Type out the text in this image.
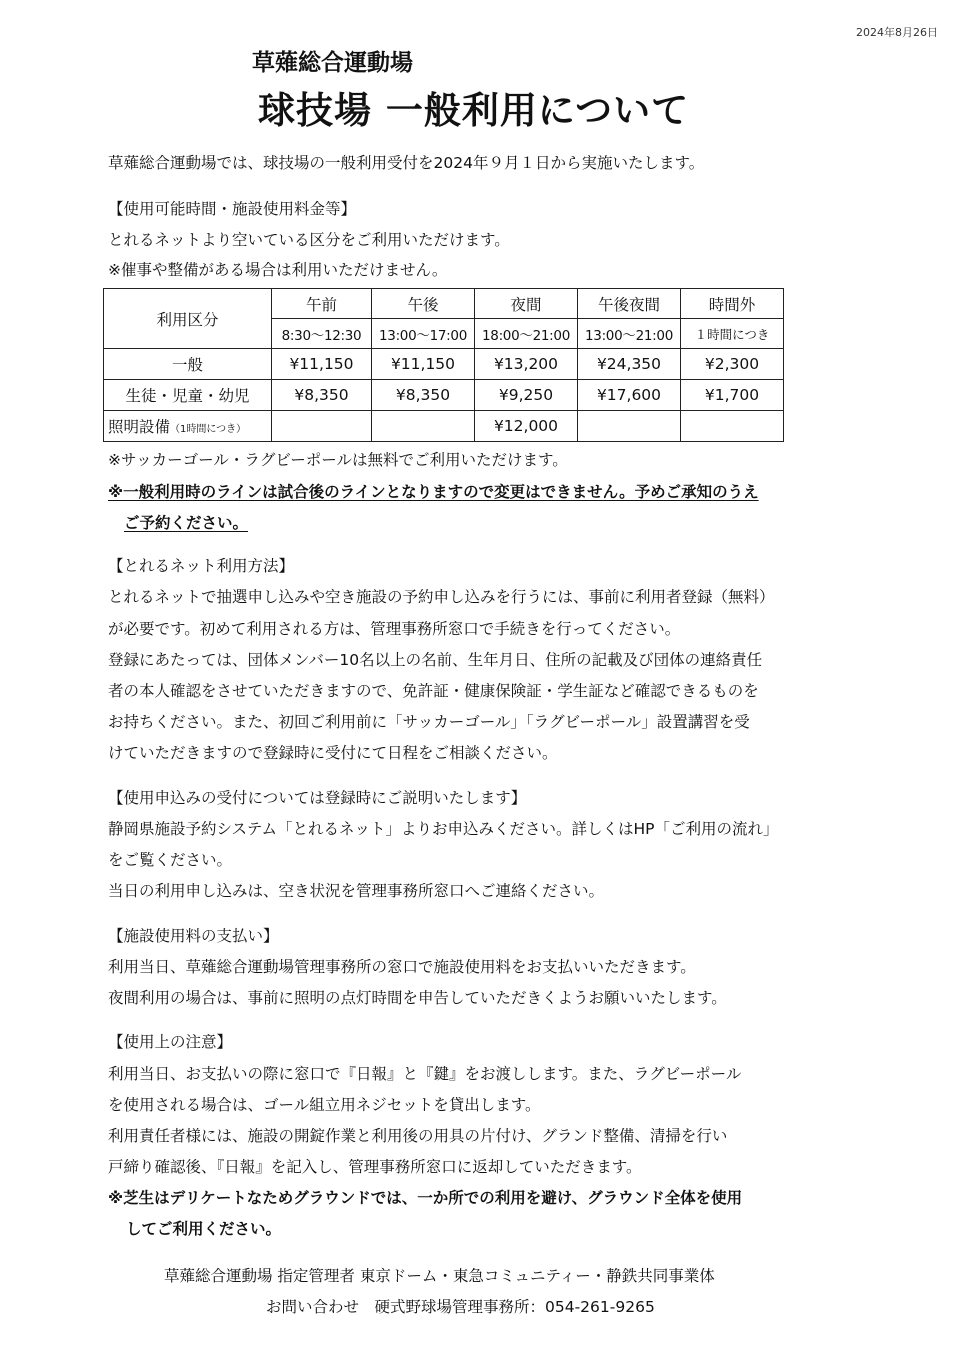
2024年8月26日
草薙総合運動場
球技場 一般利用について
草薙総合運動場では、球技場の一般利用受付を2024年９月１日から実施いたします。
【使用可能時間・施設使用料金等】
とれるネットより空いている区分をご利用いただけます。
※催事や整備がある場合は利用いただけません。
利用区分	午前	午後	夜間	午後夜間	時間外
	8:30～12:30	13:00～17:00	18:00～21:00	13:00～21:00	１時間につき
一般	¥11,150	¥11,150	¥13,200	¥24,350	¥2,300
生徒・児童・幼児	¥8,350	¥8,350	¥9,250	¥17,600	¥1,700
照明設備（1時間につき）			¥12,000		
※サッカーゴール・ラグビーポールは無料でご利用いただけます。
※一般利用時のラインは試合後のラインとなりますので変更はできません。予めご承知のうえ
ご予約ください。
【とれるネット利用方法】
とれるネットで抽選申し込みや空き施設の予約申し込みを行うには、事前に利用者登録（無料）
が必要です。初めて利用される方は、管理事務所窓口で手続きを行ってください。
登録にあたっては、団体メンバー10名以上の名前、生年月日、住所の記載及び団体の連絡責任
者の本人確認をさせていただきますので、免許証・健康保険証・学生証など確認できるものを
お持ちください。また、初回ご利用前に「サッカーゴール」「ラグビーポール」設置講習を受
けていただきますので登録時に受付にて日程をご相談ください。
【使用申込みの受付については登録時にご説明いたします】
静岡県施設予約システム「とれるネット」よりお申込みください。詳しくはHP「ご利用の流れ」
をご覧ください。
当日の利用申し込みは、空き状況を管理事務所窓口へご連絡ください。
【施設使用料の支払い】
利用当日、草薙総合運動場管理事務所の窓口で施設使用料をお支払いいただきます。
夜間利用の場合は、事前に照明の点灯時間を申告していただきくようお願いいたします。
【使用上の注意】
利用当日、お支払いの際に窓口で『日報』と『鍵』をお渡しします。また、ラグビーポール
を使用される場合は、ゴール組立用ネジセットを貸出します。
利用責任者様には、施設の開錠作業と利用後の用具の片付け、グランド整備、清掃を行い
戸締り確認後、『日報』を記入し、管理事務所窓口に返却していただきます。
※芝生はデリケートなためグラウンドでは、一か所での利用を避け、グラウンド全体を使用
してご利用ください。
草薙総合運動場 指定管理者 東京ドーム・東急コミュニティー・静鉄共同事業体
お問い合わせ　硬式野球場管理事務所：054-261-9265
